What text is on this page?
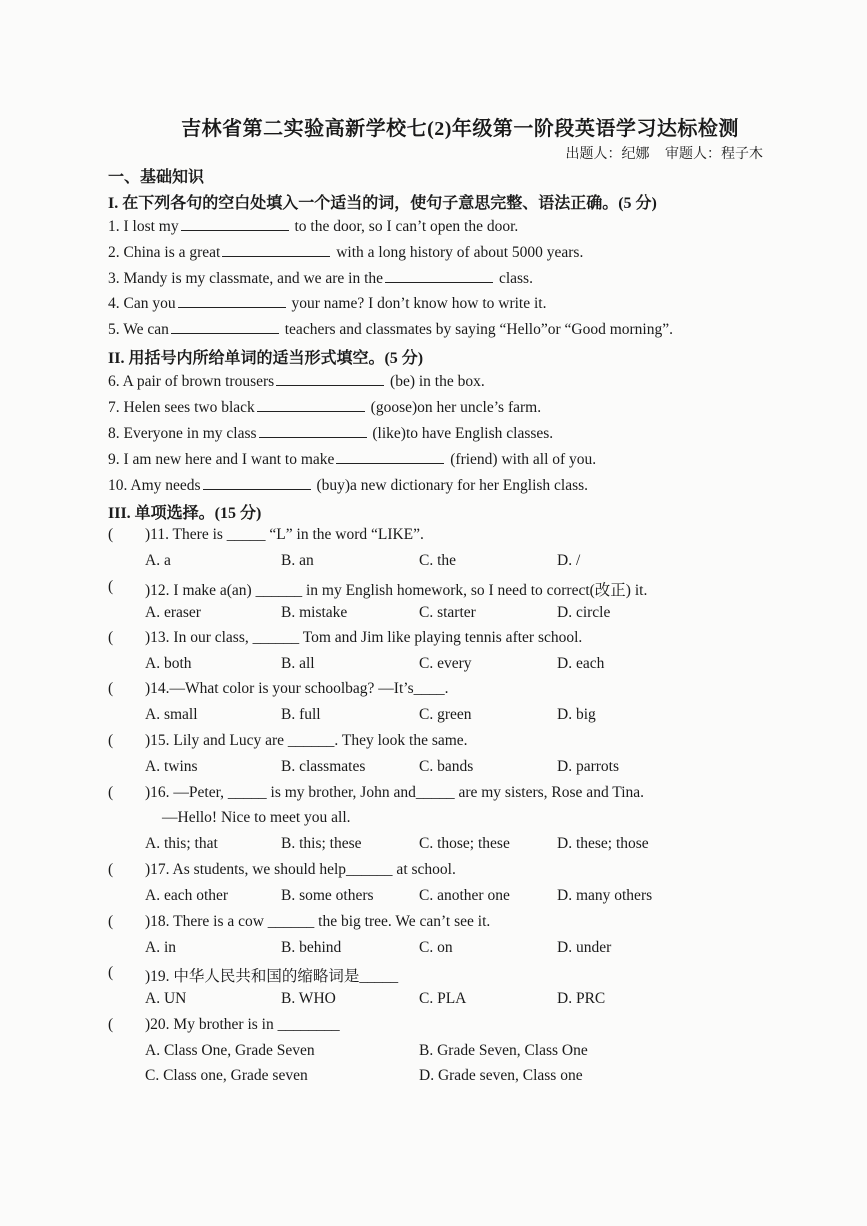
吉林省第二实验高新学校七(2)年级第一阶段英语学习达标检测
出题人：纪娜 审题人：程子木
一、基础知识
I. 在下列各句的空白处填入一个适当的词，使句子意思完整、语法正确。(5 分)
1. I lost my	to the door, so I can’t open the door.
2. China is a great	with a long history of about 5000 years.
3. Mandy is my classmate, and we are in the	class.
4. Can you	your name? I don’t know how to write it.
5. We can	teachers and classmates by saying “Hello”or “Good morning”.
II. 用括号内所给单词的适当形式填空。(5 分)
6. A pair of brown trousers	(be) in the box.
7. Helen sees two black	(goose)on her uncle’s farm.
8. Everyone in my class	(like)to have English classes.
9. I am new here and I want to make	(friend) with all of you.
10. Amy needs	(buy)a new dictionary for her English class.
III. 单项选择。(15 分)
( )11. There is _____ “L” in the word “LIKE”.
A. a	B. an	C. the	D. /
( )12. I make a(an) ______ in my English homework, so I need to correct(改正) it.
A. eraser	B. mistake	C. starter	D. circle
( )13. In our class, ______ Tom and Jim like playing tennis after school.
A. both	B. all	C. every	D. each
( )14.—What color is your schoolbag? —It’s____.
A. small	B. full	C. green	D. big
( )15. Lily and Lucy are ______. They look the same.
A. twins	B. classmates	C. bands	D. parrots
( )16. —Peter, _____ is my brother, John and_____ are my sisters, Rose and Tina.
—Hello! Nice to meet you all.
A. this; that	B. this; these	C. those; these	D. these; those
( )17. As students, we should help______ at school.
A. each other	B. some others	C. another one	D. many others
( )18. There is a cow ______ the big tree. We can’t see it.
A. in	B. behind	C. on	D. under
( )19. 中华人民共和国的缩略词是_____
A. UN	B. WHO	C. PLA	D. PRC
( )20. My brother is in ________
A. Class One, Grade Seven	B. Grade Seven, Class One
C. Class one, Grade seven	D. Grade seven, Class one
